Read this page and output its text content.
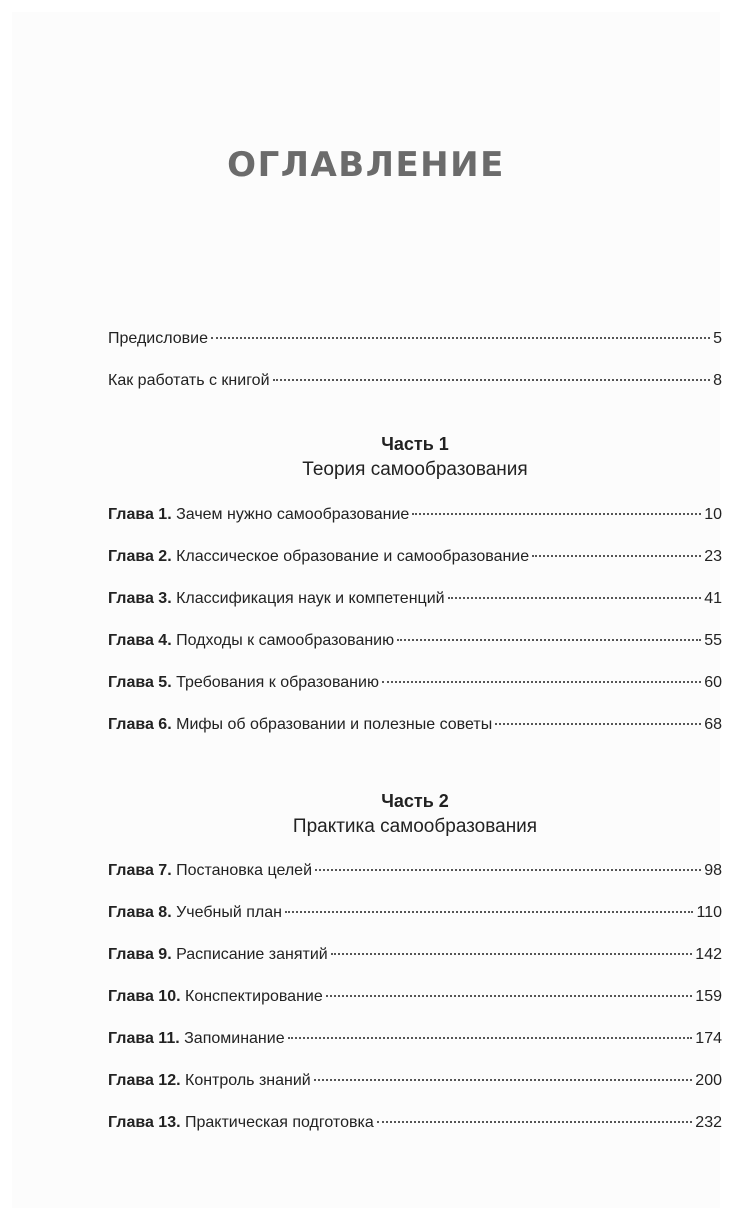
ОГЛАВЛЕНИЕ
Предисловие	5
Как работать с книгой	8
Часть 1
Теория самообразования
Глава 1. Зачем нужно самообразование	10
Глава 2. Классическое образование и самообразование	23
Глава 3. Классификация наук и компетенций	41
Глава 4. Подходы к самообразованию	55
Глава 5. Требования к образованию	60
Глава 6. Мифы об образовании и полезные советы	68
Часть 2
Практика самообразования
Глава 7. Постановка целей	98
Глава 8. Учебный план	110
Глава 9. Расписание занятий	142
Глава 10. Конспектирование	159
Глава 11. Запоминание	174
Глава 12. Контроль знаний	200
Глава 13. Практическая подготовка	232
